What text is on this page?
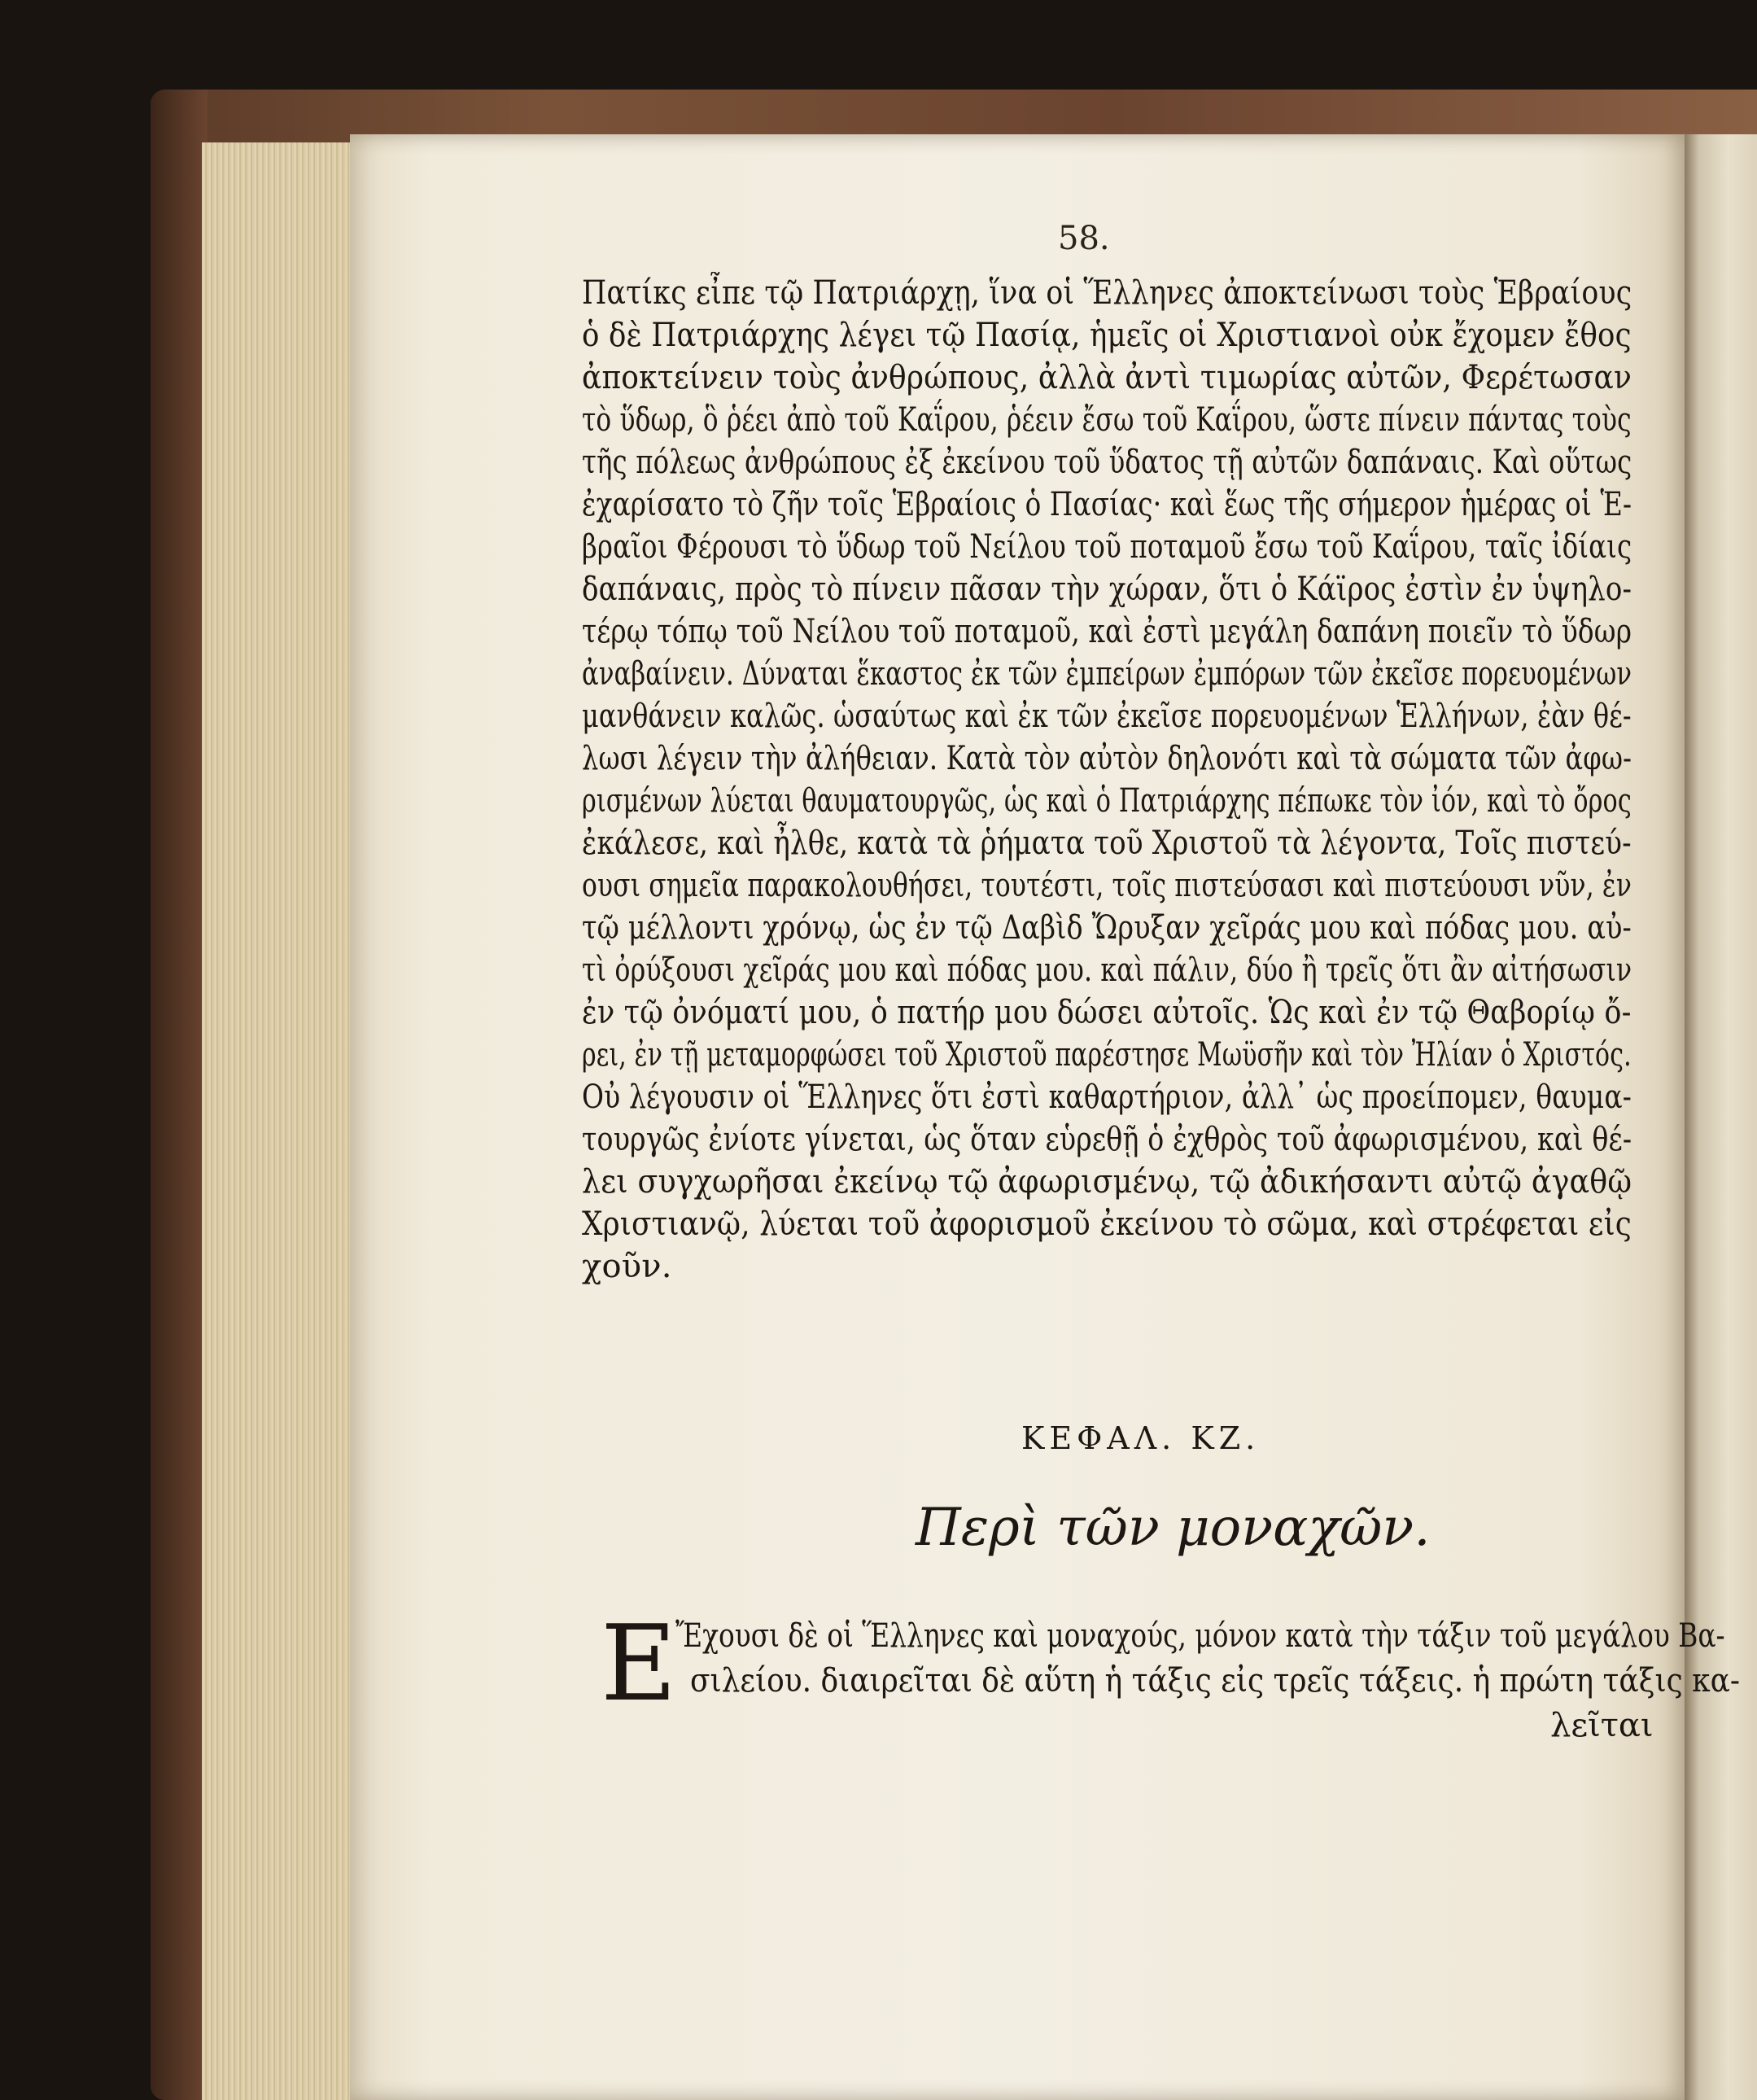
58.
Πατίκς εἶπε τῷ Πατριάρχῃ, ἵνα οἱ Ἕλληνες ἀποκτείνωσι τοὺς Ἑβραίους
ὁ δὲ Πατριάρχης λέγει τῷ Πασίᾳ, ἡμεῖς οἱ Χριστιανοὶ οὐκ ἔχομεν ἔθος
ἀποκτείνειν τοὺς ἀνθρώπους, ἀλλὰ ἀντὶ τιμωρίας αὐτῶν, Φερέτωσαν
τὸ ὕδωρ, ὃ ῥέει ἀπὸ τοῦ Καΐρου, ῥέειν ἔσω τοῦ Καΐρου, ὥστε πίνειν πάντας τοὺς
τῆς πόλεως ἀνθρώπους ἐξ ἐκείνου τοῦ ὕδατος τῇ αὐτῶν δαπάναις. Καὶ οὕτως
ἐχαρίσατο τὸ ζῆν τοῖς Ἑβραίοις ὁ Πασίας· καὶ ἕως τῆς σήμερον ἡμέρας οἱ Ἑ-
βραῖοι Φέρουσι τὸ ὕδωρ τοῦ Νείλου τοῦ ποταμοῦ ἔσω τοῦ Καΐρου, ταῖς ἰδίαις
δαπάναις, πρὸς τὸ πίνειν πᾶσαν τὴν χώραν, ὅτι ὁ Κάϊρος ἐστὶν ἐν ὑψηλο-
τέρῳ τόπῳ τοῦ Νείλου τοῦ ποταμοῦ, καὶ ἐστὶ μεγάλη δαπάνη ποιεῖν τὸ ὕδωρ
ἀναβαίνειν. Δύναται ἕκαστος ἐκ τῶν ἐμπείρων ἐμπόρων τῶν ἐκεῖσε πορευομένων
μανθάνειν καλῶς. ὡσαύτως καὶ ἐκ τῶν ἐκεῖσε πορευομένων Ἑλλήνων, ἐὰν θέ-
λωσι λέγειν τὴν ἀλήθειαν. Κατὰ τὸν αὐτὸν δηλονότι καὶ τὰ σώματα τῶν ἀφω-
ρισμένων λύεται θαυματουργῶς, ὡς καὶ ὁ Πατριάρχης πέπωκε τὸν ἰόν, καὶ τὸ ὄρος
ἐκάλεσε, καὶ ἦλθε, κατὰ τὰ ῥήματα τοῦ Χριστοῦ τὰ λέγοντα, Τοῖς πιστεύ-
ουσι σημεῖα παρακολουθήσει, τουτέστι, τοῖς πιστεύσασι καὶ πιστεύουσι νῦν, ἐν
τῷ μέλλοντι χρόνῳ, ὡς ἐν τῷ Δαβὶδ Ὤρυξαν χεῖράς μου καὶ πόδας μου. αὐ-
τὶ ὀρύξουσι χεῖράς μου καὶ πόδας μου. καὶ πάλιν, δύο ἢ τρεῖς ὅτι ἂν αἰτήσωσιν
ἐν τῷ ὀνόματί μου, ὁ πατήρ μου δώσει αὐτοῖς. Ὡς καὶ ἐν τῷ Θαβορίῳ ὄ-
ρει, ἐν τῇ μεταμορφώσει τοῦ Χριστοῦ παρέστησε Μωϋσῆν καὶ τὸν Ἠλίαν ὁ Χριστός.
Οὐ λέγουσιν οἱ Ἕλληνες ὅτι ἐστὶ καθαρτήριον, ἀλλ᾽ ὡς προείπομεν, θαυμα-
τουργῶς ἐνίοτε γίνεται, ὡς ὅταν εὑρεθῇ ὁ ἐχθρὸς τοῦ ἀφωρισμένου, καὶ θέ-
λει συγχωρῆσαι ἐκείνῳ τῷ ἀφωρισμένῳ, τῷ ἀδικήσαντι αὐτῷ ἀγαθῷ
Χριστιανῷ, λύεται τοῦ ἀφορισμοῦ ἐκείνου τὸ σῶμα, καὶ στρέφεται εἰς
χοῦν.
ΚΕΦΑΛ. ΚΖ.
Περὶ τῶν μοναχῶν.
Ε
Ἔχουσι δὲ οἱ Ἕλληνες καὶ μοναχούς, μόνον κατὰ τὴν τάξιν τοῦ μεγάλου Βα-
σιλείου. διαιρεῖται δὲ αὕτη ἡ τάξις εἰς τρεῖς τάξεις. ἡ πρώτη τάξις κα-
λεῖται
